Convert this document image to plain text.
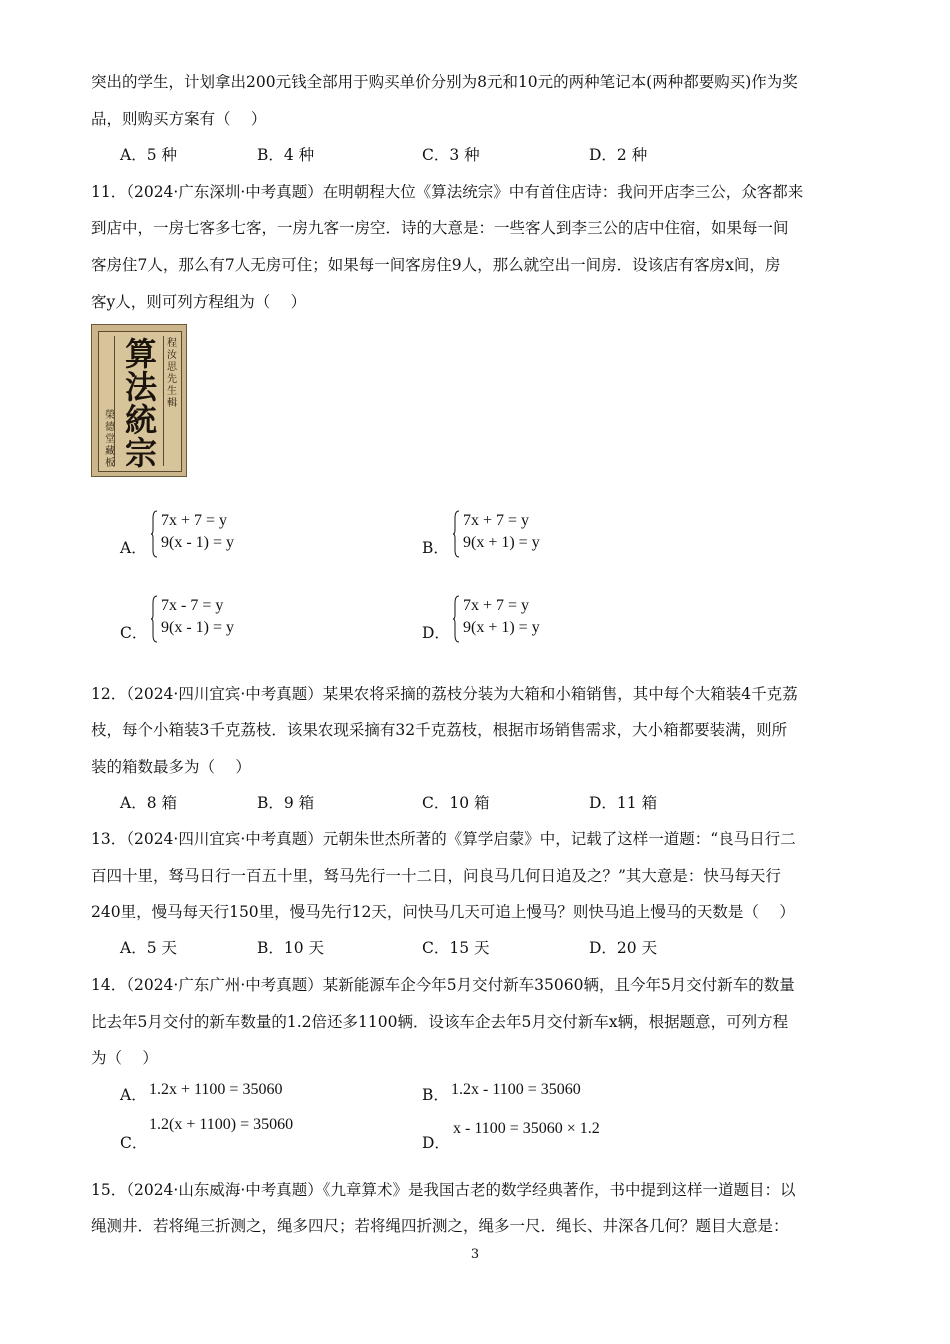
突出的学生，计划拿出200元钱全部用于购买单价分别为8元和10元的两种笔记本(两种都要购买)作为奖
品，则购买方案有（　 ）
A．5 种	B．4 种	C．3 种	D．2 种
11．（2024·广东深圳·中考真题）在明朝程大位《算法统宗》中有首住店诗：我问开店李三公，众客都来
到店中，一房七客多七客，一房九客一房空．诗的大意是：一些客人到李三公的店中住宿，如果每一间
客房住7人，那么有7人无房可住；如果每一间客房住9人，那么就空出一间房．设该店有客房x间，房
客y人，则可列方程组为（　 ）
算法統宗
程汝思先生輯
榮德堂藏板
A．
7x + 7 = y
9(x - 1) = y	B．
7x + 7 = y
9(x + 1) = y
C．
7x - 7 = y
9(x - 1) = y	D．
7x + 7 = y
9(x + 1) = y
12．（2024·四川宜宾·中考真题）某果农将采摘的荔枝分装为大箱和小箱销售，其中每个大箱装4千克荔
枝，每个小箱装3千克荔枝．该果农现采摘有32千克荔枝，根据市场销售需求，大小箱都要装满，则所
装的箱数最多为（　 ）
A．8 箱	B．9 箱	C．10 箱	D．11 箱
13．（2024·四川宜宾·中考真题）元朝朱世杰所著的《算学启蒙》中，记载了这样一道题：“良马日行二
百四十里，驽马日行一百五十里，驽马先行一十二日，问良马几何日追及之？”其大意是：快马每天行
240里，慢马每天行150里，慢马先行12天，问快马几天可追上慢马？则快马追上慢马的天数是（　 ）
A．5 天	B．10 天	C．15 天	D．20 天
14．（2024·广东广州·中考真题）某新能源车企今年5月交付新车35060辆，且今年5月交付新车的数量
比去年5月交付的新车数量的1.2倍还多1100辆．设该车企去年5月交付新车x辆，根据题意，可列方程
为（　 ）
A． 1.2x + 1100 = 35060	B． 1.2x - 1100 = 35060
C．
1.2(x + 1100) = 35060
D．
x - 1100 = 35060 × 1.2
15．（2024·山东威海·中考真题）《九章算术》是我国古老的数学经典著作，书中提到这样一道题目：以
绳测井．若将绳三折测之，绳多四尺；若将绳四折测之，绳多一尺．绳长、井深各几何？题目大意是：
3
